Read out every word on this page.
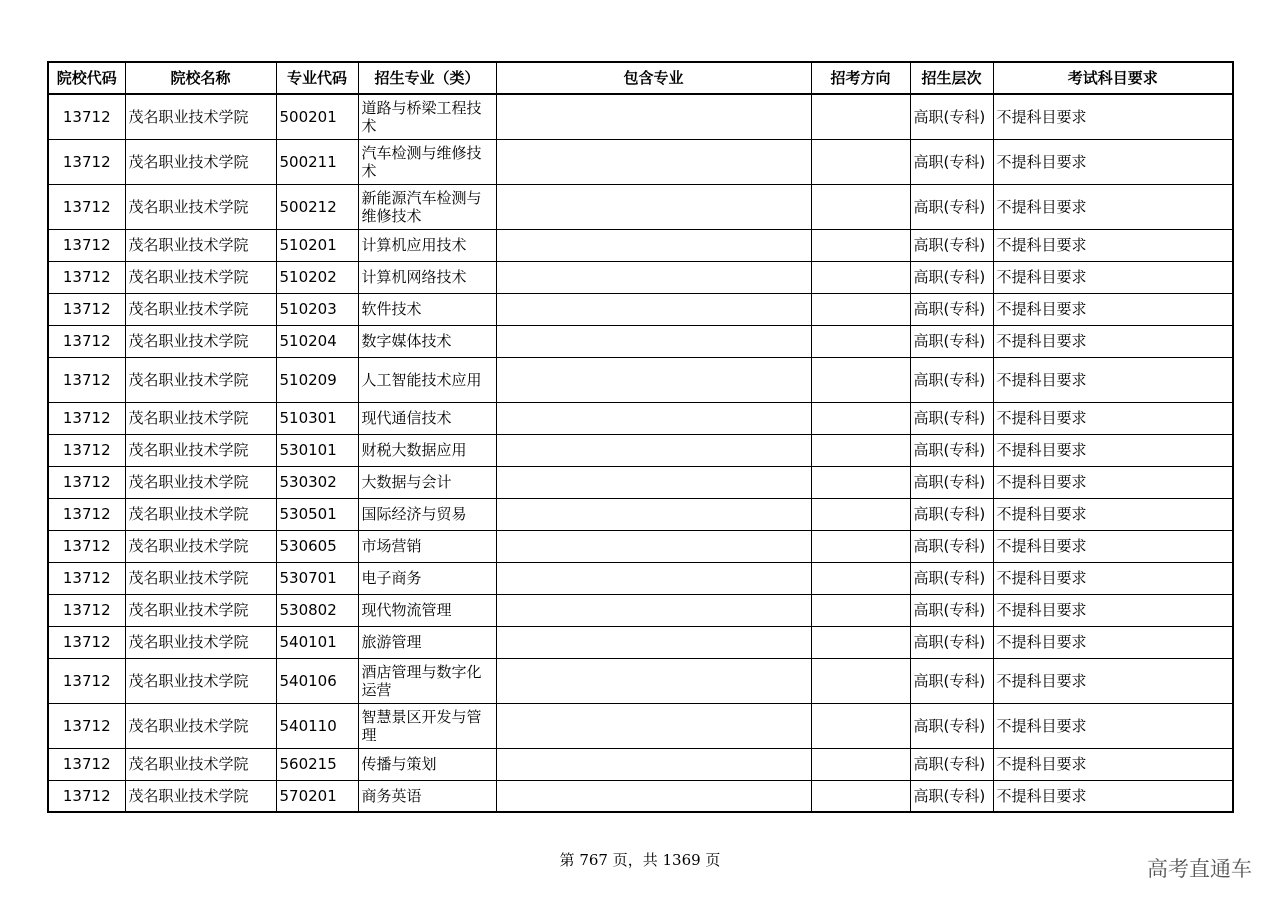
院校代码	院校名称	专业代码	招生专业（类）	包含专业	招考方向	招生层次	考试科目要求
13712	茂名职业技术学院	500201	道路与桥梁工程技术			高职(专科)	不提科目要求
13712	茂名职业技术学院	500211	汽车检测与维修技术			高职(专科)	不提科目要求
13712	茂名职业技术学院	500212	新能源汽车检测与维修技术			高职(专科)	不提科目要求
13712	茂名职业技术学院	510201	计算机应用技术			高职(专科)	不提科目要求
13712	茂名职业技术学院	510202	计算机网络技术			高职(专科)	不提科目要求
13712	茂名职业技术学院	510203	软件技术			高职(专科)	不提科目要求
13712	茂名职业技术学院	510204	数字媒体技术			高职(专科)	不提科目要求
13712	茂名职业技术学院	510209	人工智能技术应用			高职(专科)	不提科目要求
13712	茂名职业技术学院	510301	现代通信技术			高职(专科)	不提科目要求
13712	茂名职业技术学院	530101	财税大数据应用			高职(专科)	不提科目要求
13712	茂名职业技术学院	530302	大数据与会计			高职(专科)	不提科目要求
13712	茂名职业技术学院	530501	国际经济与贸易			高职(专科)	不提科目要求
13712	茂名职业技术学院	530605	市场营销			高职(专科)	不提科目要求
13712	茂名职业技术学院	530701	电子商务			高职(专科)	不提科目要求
13712	茂名职业技术学院	530802	现代物流管理			高职(专科)	不提科目要求
13712	茂名职业技术学院	540101	旅游管理			高职(专科)	不提科目要求
13712	茂名职业技术学院	540106	酒店管理与数字化运营			高职(专科)	不提科目要求
13712	茂名职业技术学院	540110	智慧景区开发与管理			高职(专科)	不提科目要求
13712	茂名职业技术学院	560215	传播与策划			高职(专科)	不提科目要求
13712	茂名职业技术学院	570201	商务英语			高职(专科)	不提科目要求
第 767 页，共 1369 页	高考直通车
